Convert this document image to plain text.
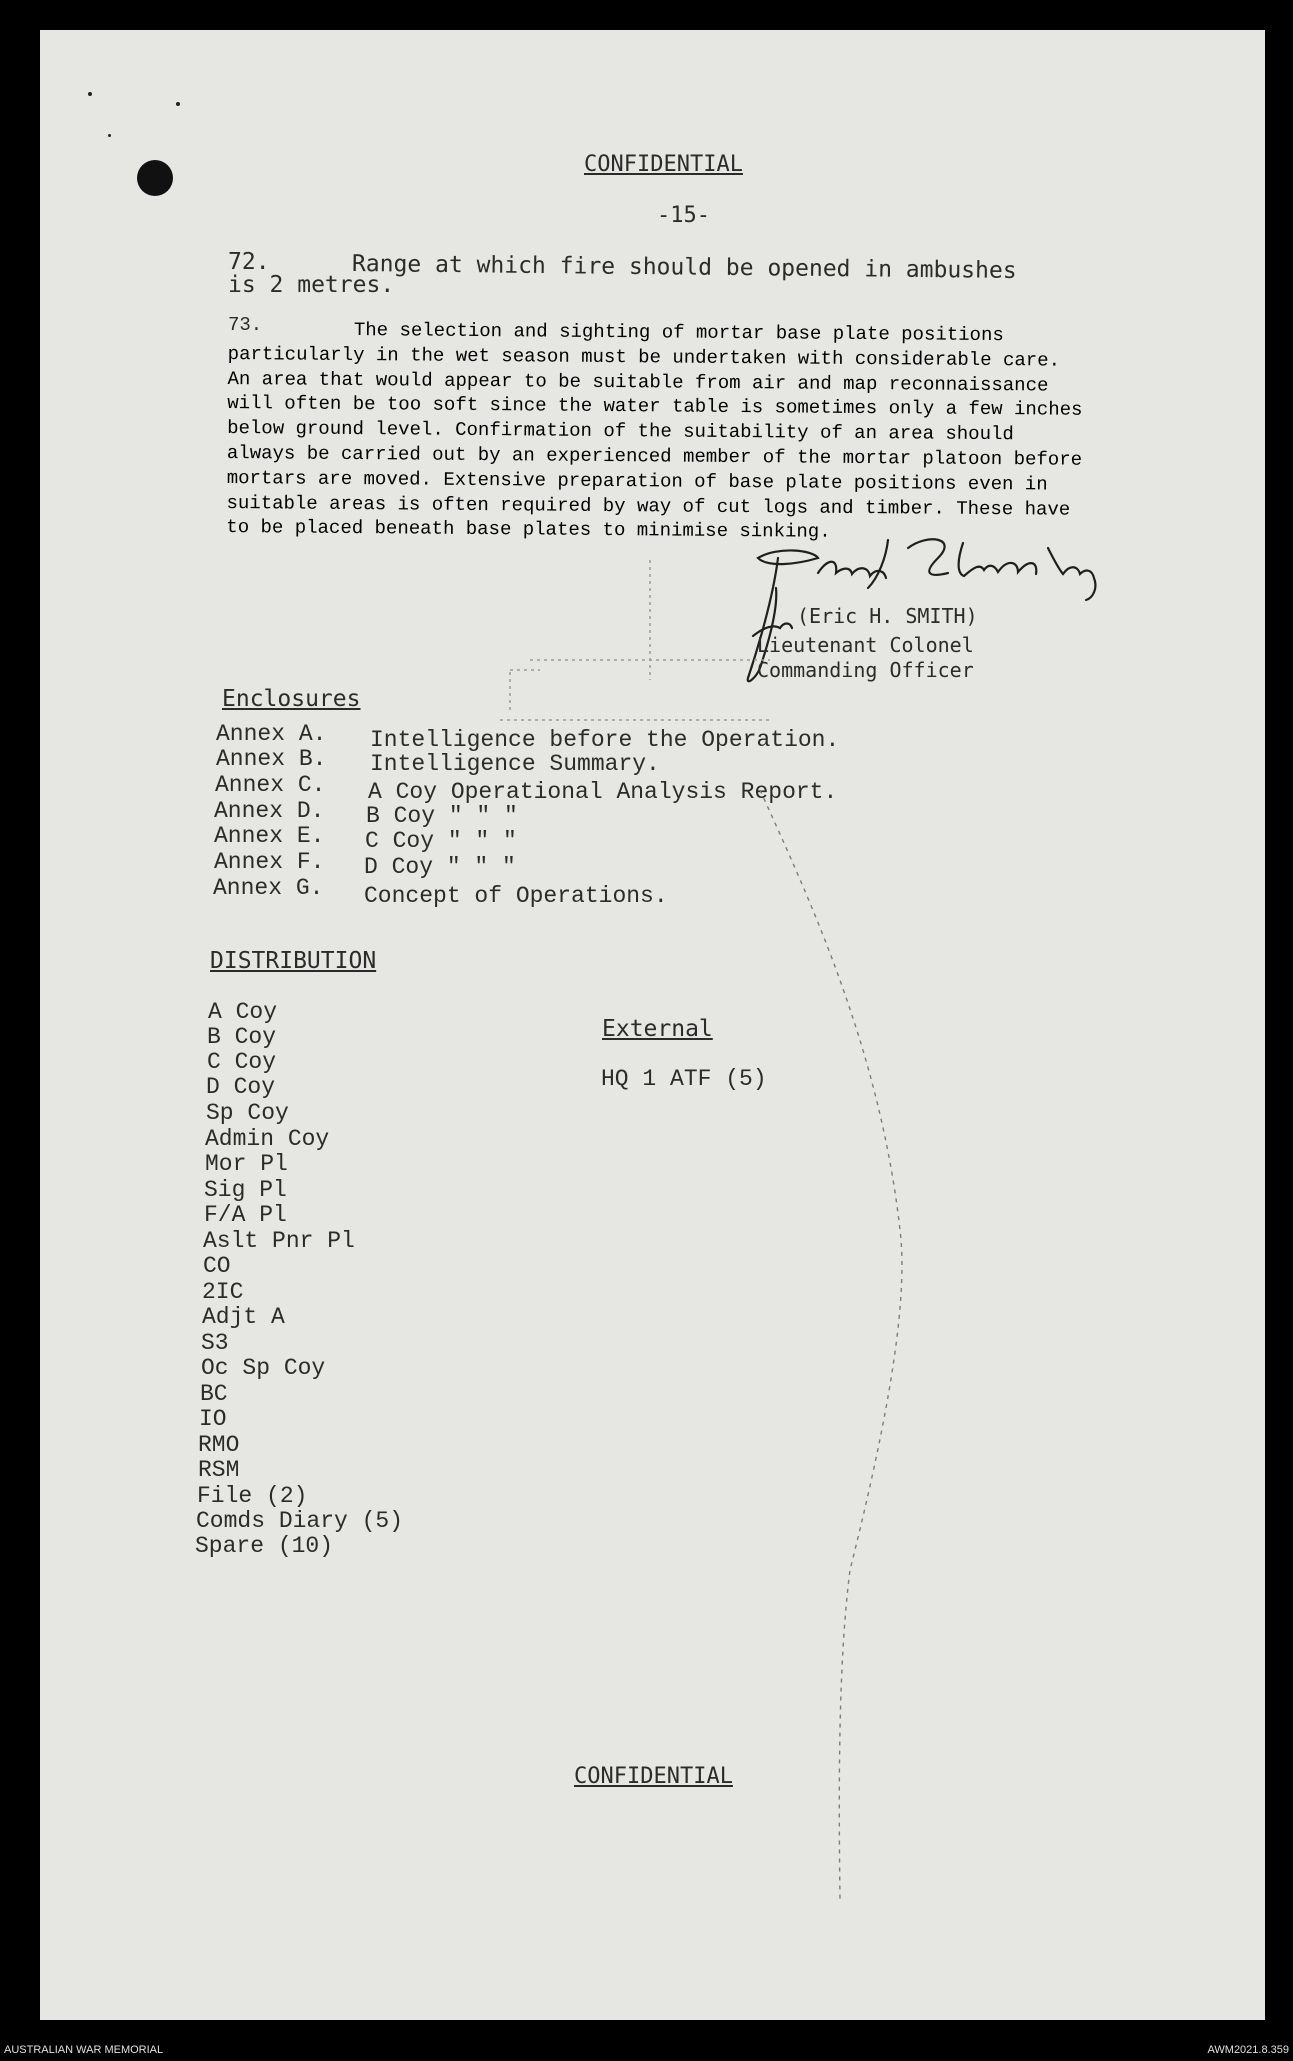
CONFIDENTIAL
-15-
72.	Range at which fire should be opened in ambushes
is 2 metres.
73.	The selection and sighting of mortar base plate positions
particularly in the wet season must be undertaken with considerable care.
An area that would appear to be suitable from air and map reconnaissance
will often be too soft since the water table is sometimes only a few inches
below ground level. Confirmation of the suitability of an area should
always be carried out by an experienced member of the mortar platoon before
mortars are moved. Extensive preparation of base plate positions even in
suitable areas is often required by way of cut logs and timber. These have
to be placed beneath base plates to minimise sinking.
(Eric H. SMITH)
Lieutenant Colonel
Commanding Officer
Enclosures
Annex A. Intelligence before the Operation.
Annex B. Intelligence Summary.
Annex C. A Coy Operational Analysis Report.
Annex D. B Coy " " "
Annex E. C Coy " " "
Annex F. D Coy " " "
Annex G. Concept of Operations.
DISTRIBUTION
A Coy
B Coy
C Coy
D Coy
Sp Coy
Admin Coy
Mor Pl
Sig Pl
F/A Pl
Aslt Pnr Pl
CO
2IC
Adjt A
S3
Oc Sp Coy
BC
IO
RMO
RSM
File (2)
Comds Diary (5)
Spare (10)
External
HQ 1 ATF (5)
CONFIDENTIAL
AUSTRALIAN WAR MEMORIAL	AWM2021.8.359
